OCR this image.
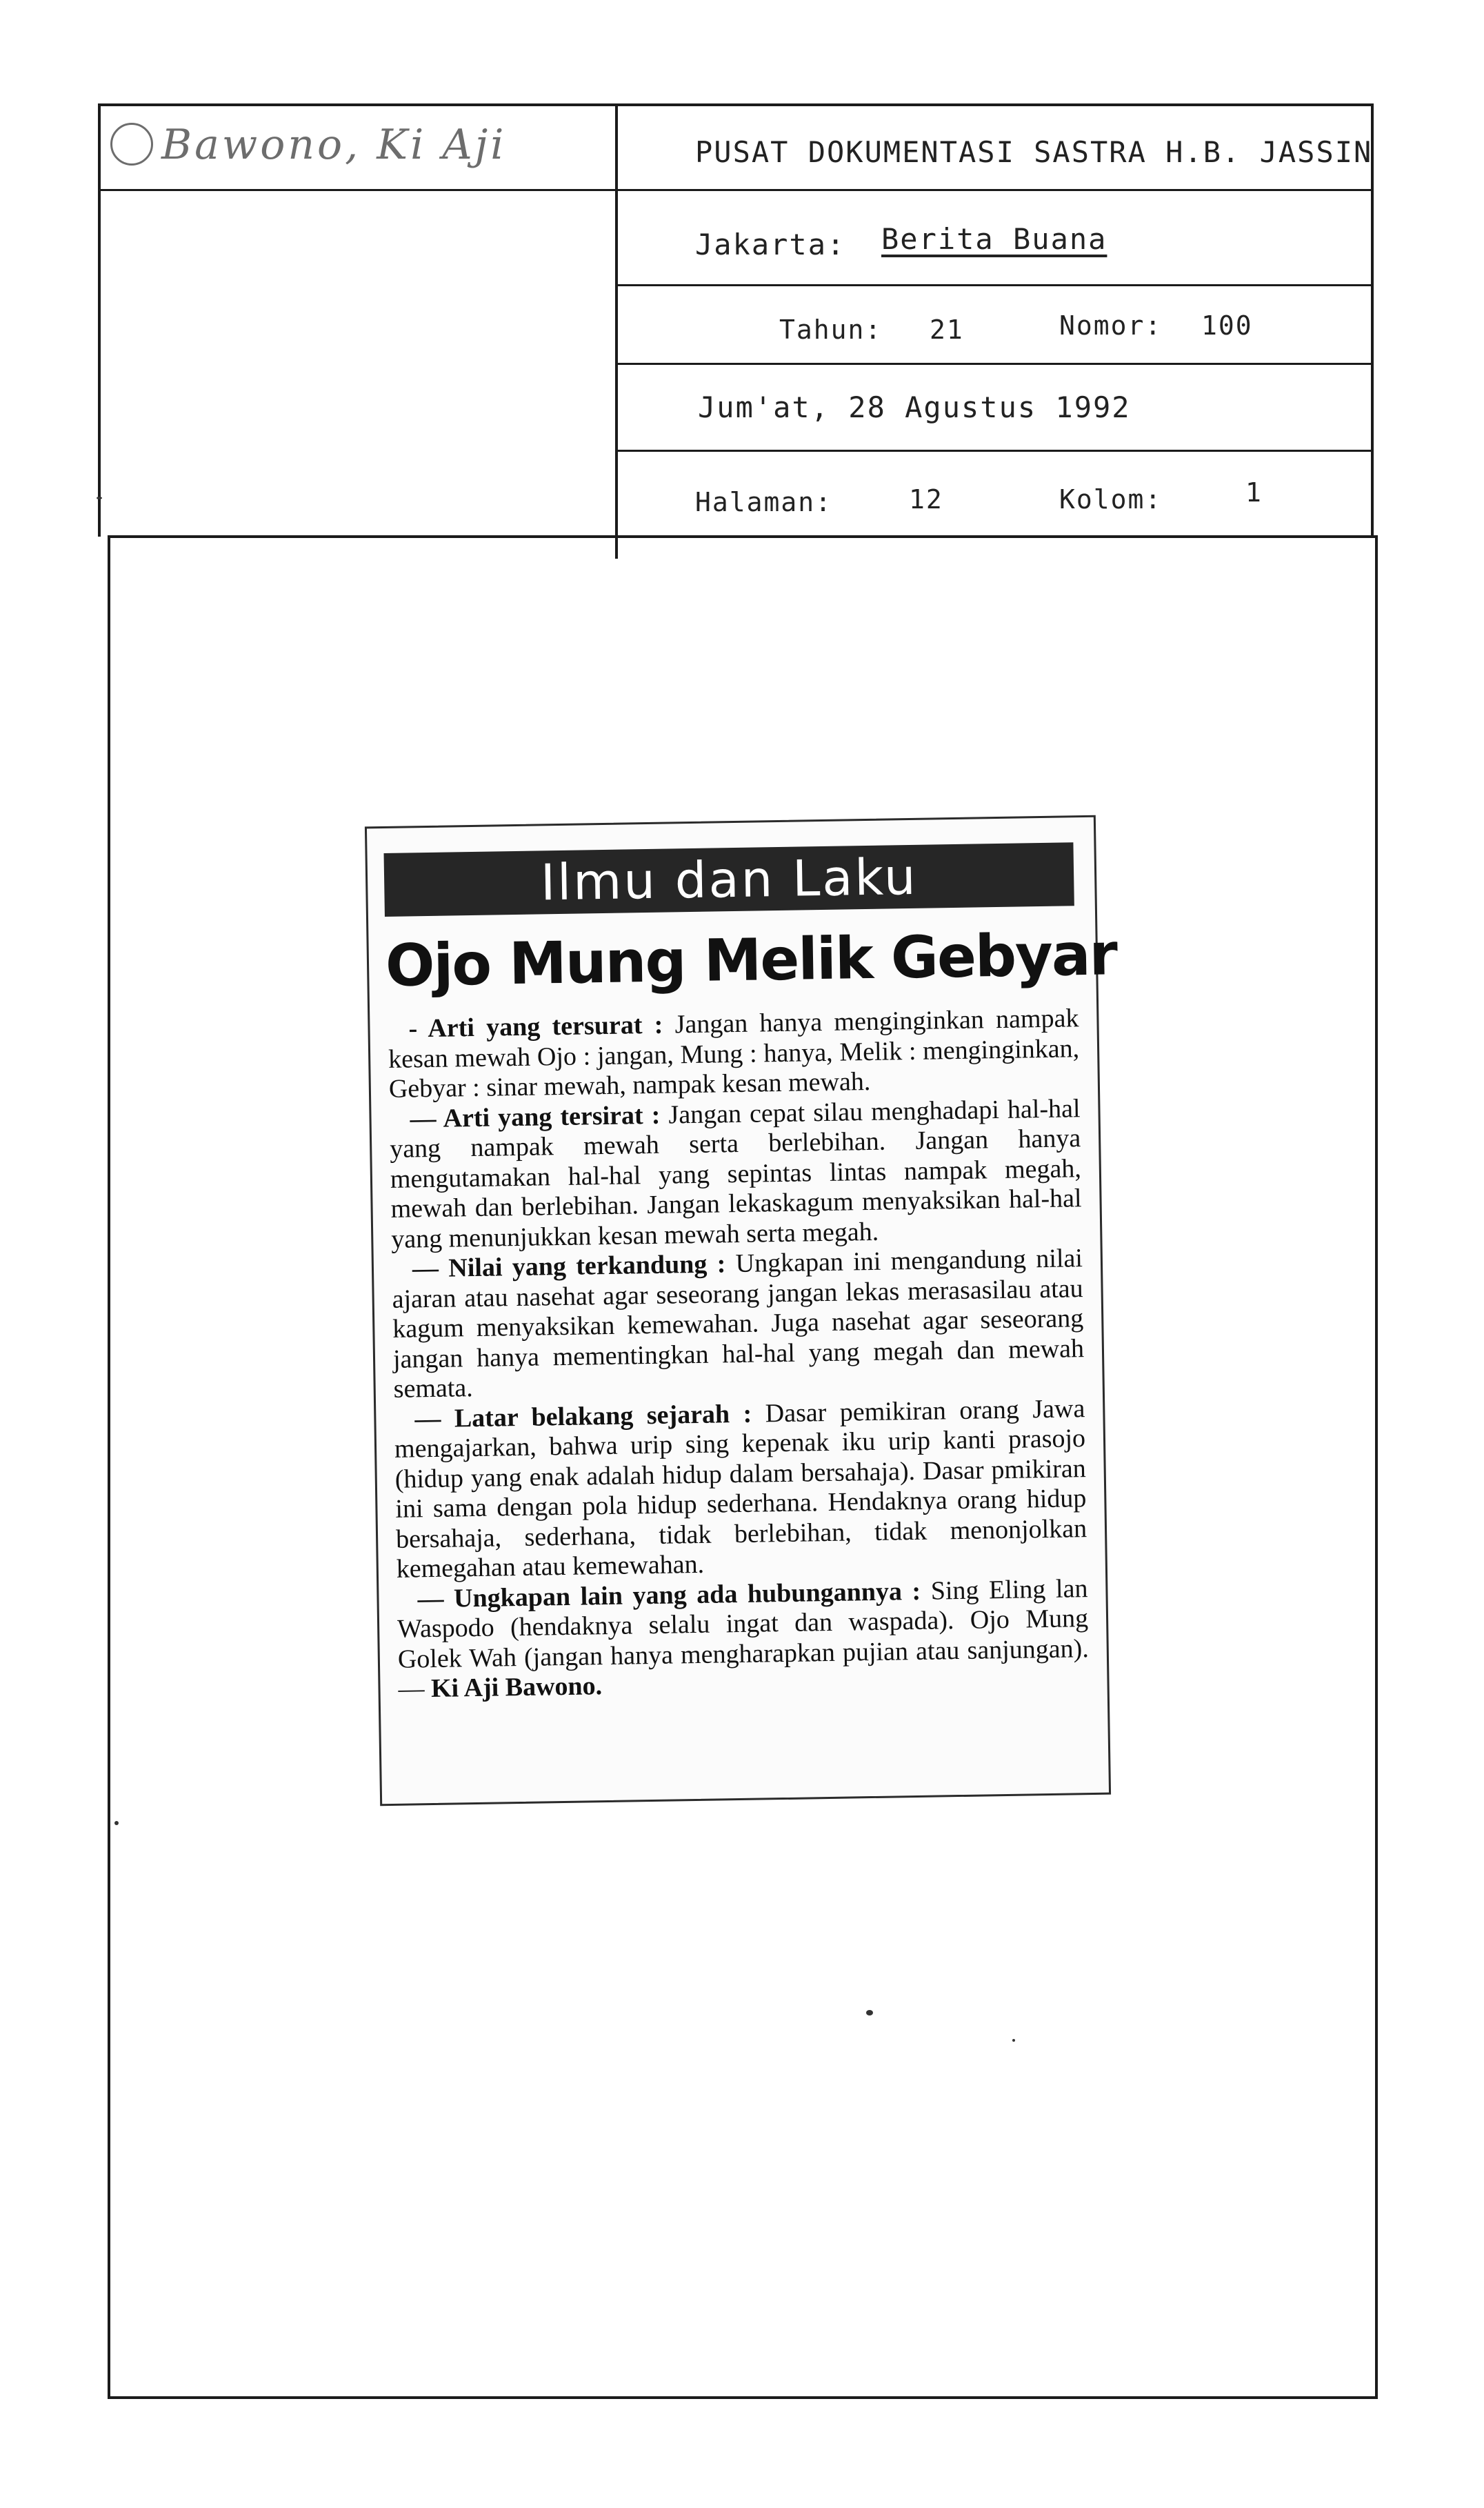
Bawono, Ki Aji	PUSAT DOKUMENTASI SASTRA H.B. JASSIN
Jakarta: Berita Buana
Tahun: 21	Nomor: 100
Jum'at, 28 Agustus 1992
Halaman:	12	Kolom:	1
Ilmu dan Laku
Ojo Mung Melik Gebyar

- Arti yang tersurat : Jangan hanya menginginkan nampak kesan mewah Ojo : jangan, Mung : hanya, Melik : menginginkan, Gebyar : sinar mewah, nampak kesan mewah.

— Arti yang tersirat : Jangan cepat silau menghadapi hal-hal yang nampak mewah serta berlebihan. Jangan hanya mengutamakan hal-hal yang sepintas lintas nampak megah, mewah dan berlebihan. Jangan lekaskagum menyaksikan hal-hal yang menunjukkan kesan mewah serta megah.

— Nilai yang terkandung : Ungkapan ini mengandung nilai ajaran atau nasehat agar seseorang jangan lekas merasasilau atau kagum menyaksikan kemewahan. Juga nasehat agar seseorang jangan hanya mementingkan hal-hal yang megah dan mewah semata.

— Latar belakang sejarah : Dasar pemikiran orang Jawa mengajarkan, bahwa urip sing kepenak iku urip kanti prasojo (hidup yang enak adalah hidup dalam bersahaja). Dasar pmikiran ini sama dengan pola hidup sederhana. Hendaknya orang hidup bersahaja, sederhana, tidak berlebihan, tidak menonjolkan kemegahan atau kemewahan.

— Ungkapan lain yang ada hubungannya : Sing Eling lan Waspodo (hendaknya selalu ingat dan waspada). Ojo Mung Golek Wah (jangan hanya mengharapkan pujian atau sanjungan). — Ki Aji Bawono.
